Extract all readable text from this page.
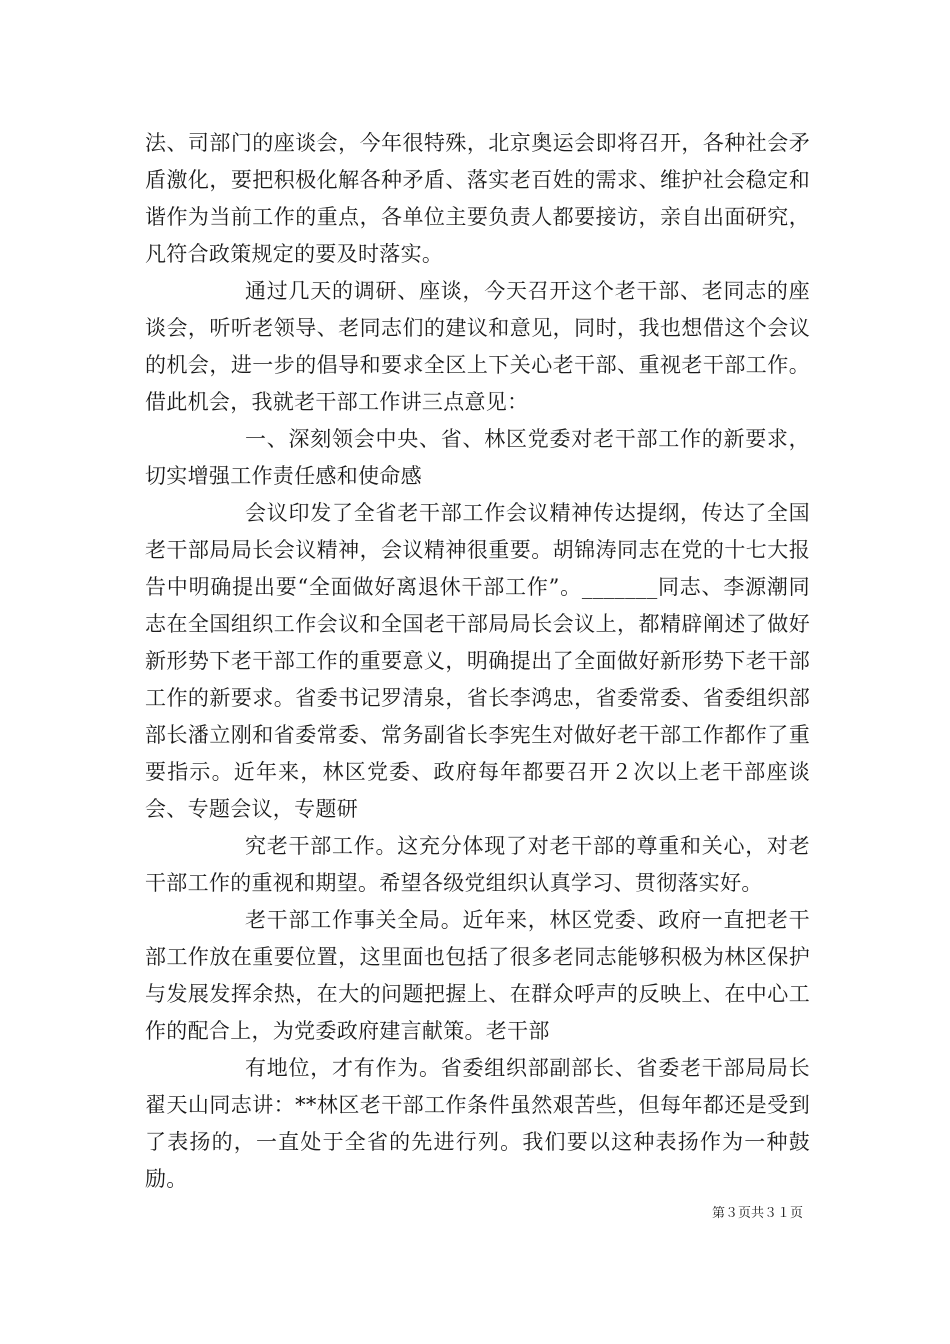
法、司部门的座谈会，今年很特殊，北京奥运会即将召开，各种社会矛盾激化，要把积极化解各种矛盾、落实老百姓的需求、维护社会稳定和谐作为当前工作的重点，各单位主要负责人都要接访，亲自出面研究，凡符合政策规定的要及时落实。

通过几天的调研、座谈，今天召开这个老干部、老同志的座谈会，听听老领导、老同志们的建议和意见，同时，我也想借这个会议的机会，进一步的倡导和要求全区上下关心老干部、重视老干部工作。借此机会，我就老干部工作讲三点意见：

一、深刻领会中央、省、林区党委对老干部工作的新要求，切实增强工作责任感和使命感

会议印发了全省老干部工作会议精神传达提纲，传达了全国老干部局局长会议精神，会议精神很重要。胡锦涛同志在党的十七大报告中明确提出要“全面做好离退休干部工作”。_______同志、李源潮同志在全国组织工作会议和全国老干部局局长会议上，都精辟阐述了做好新形势下老干部工作的重要意义，明确提出了全面做好新形势下老干部工作的新要求。省委书记罗清泉，省长李鸿忠，省委常委、省委组织部部长潘立刚和省委常委、常务副省长李宪生对做好老干部工作都作了重要指示。近年来，林区党委、政府每年都要召开２次以上老干部座谈会、专题会议，专题研

究老干部工作。这充分体现了对老干部的尊重和关心，对老干部工作的重视和期望。希望各级党组织认真学习、贯彻落实好。

老干部工作事关全局。近年来，林区党委、政府一直把老干部工作放在重要位置，这里面也包括了很多老同志能够积极为林区保护与发展发挥余热，在大的问题把握上、在群众呼声的反映上、在中心工作的配合上，为党委政府建言献策。老干部

有地位，才有作为。省委组织部副部长、省委老干部局局长翟天山同志讲：**林区老干部工作条件虽然艰苦些，但每年都还是受到了表扬的，一直处于全省的先进行列。我们要以这种表扬作为一种鼓励。

第３页共３１页
